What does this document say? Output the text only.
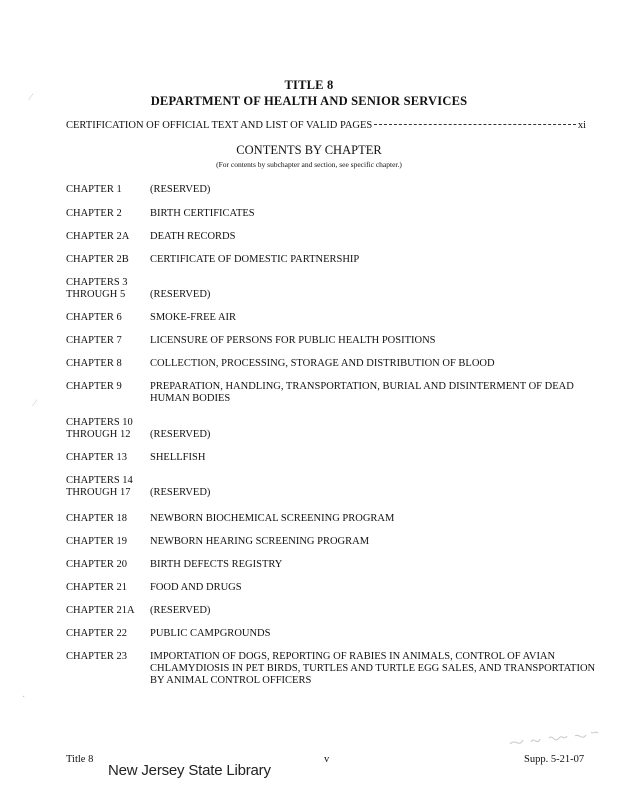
TITLE 8
DEPARTMENT OF HEALTH AND SENIOR SERVICES
CERTIFICATION OF OFFICIAL TEXT AND LIST OF VALID PAGES	xi
CONTENTS BY CHAPTER
(For contents by subchapter and section, see specific chapter.)
CHAPTER 1	(RESERVED)
CHAPTER 2	BIRTH CERTIFICATES
CHAPTER 2A	DEATH RECORDS
CHAPTER 2B	CERTIFICATE OF DOMESTIC PARTNERSHIP
CHAPTERS 3
THROUGH 5	(RESERVED)
CHAPTER 6	SMOKE-FREE AIR
CHAPTER 7	LICENSURE OF PERSONS FOR PUBLIC HEALTH POSITIONS
CHAPTER 8	COLLECTION, PROCESSING, STORAGE AND DISTRIBUTION OF BLOOD
CHAPTER 9	PREPARATION, HANDLING, TRANSPORTATION, BURIAL AND DISINTERMENT OF DEAD HUMAN BODIES
CHAPTERS 10
THROUGH 12	(RESERVED)
CHAPTER 13	SHELLFISH
CHAPTERS 14
THROUGH 17	(RESERVED)
CHAPTER 18	NEWBORN BIOCHEMICAL SCREENING PROGRAM
CHAPTER 19	NEWBORN HEARING SCREENING PROGRAM
CHAPTER 20	BIRTH DEFECTS REGISTRY
CHAPTER 21	FOOD AND DRUGS
CHAPTER 21A	(RESERVED)
CHAPTER 22	PUBLIC CAMPGROUNDS
CHAPTER 23	IMPORTATION OF DOGS, REPORTING OF RABIES IN ANIMALS, CONTROL OF AVIAN CHLAMYDIOSIS IN PET BIRDS, TURTLES AND TURTLE EGG SALES, AND TRANSPORTATION BY ANIMAL CONTROL OFFICERS
Title 8	v	Supp. 5-21-07
New Jersey State Library
∕
∕
·
